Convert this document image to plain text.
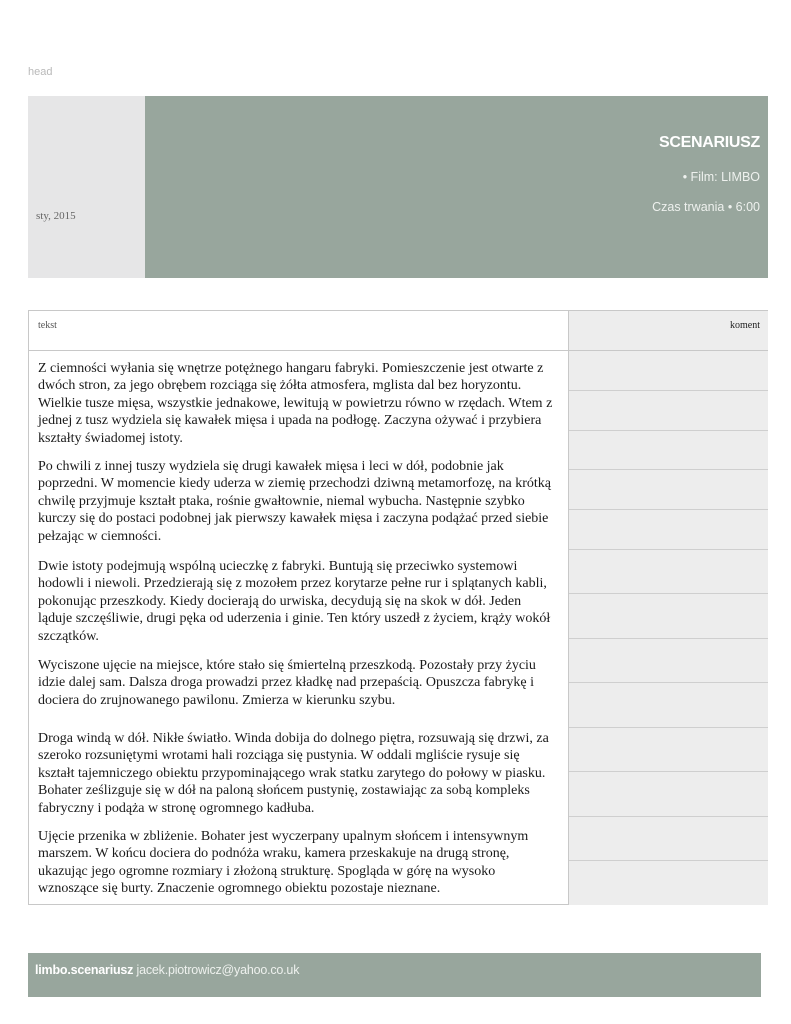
head
sty, 2015
SCENARIUSZ
• Film: LIMBO
Czas trwania • 6:00
tekst	koment

Z ciemności wyłania się wnętrze potężnego hangaru fabryki. Pomieszczenie jest otwarte z dwóch stron, za jego obrębem rozciąga się żółta atmosfera, mglista dal bez horyzontu. Wielkie tusze mięsa, wszystkie jednakowe, lewitują w powietrzu równo w rzędach. Wtem z jednej z tusz wydziela się kawałek mięsa i upada na podłogę. Zaczyna ożywać i przybiera kształty świadomej istoty.

Po chwili z innej tuszy wydziela się drugi kawałek mięsa i leci w dół, podobnie jak poprzedni. W momencie kiedy uderza w ziemię przechodzi dziwną metamorfozę, na krótką chwilę przyjmuje kształt ptaka, rośnie gwałtownie, niemal wybucha. Następnie szybko kurczy się do postaci podobnej jak pierwszy kawałek mięsa i zaczyna podążać przed siebie pełzając w ciemności.

Dwie istoty podejmują wspólną ucieczkę z fabryki. Buntują się przeciwko systemowi hodowli i niewoli. Przedzierają się z mozołem przez korytarze pełne rur i splątanych kabli, pokonując przeszkody. Kiedy docierają do urwiska, decydują się na skok w dół. Jeden ląduje szczęśliwie, drugi pęka od uderzenia i ginie. Ten który uszedł z życiem, krąży wokół szczątków.

Wyciszone ujęcie na miejsce, które stało się śmiertelną przeszkodą. Pozostały przy życiu idzie dalej sam. Dalsza droga prowadzi przez kładkę nad przepaścią. Opuszcza fabrykę i dociera do zrujnowanego pawilonu. Zmierza w kierunku szybu.

Droga windą w dół. Nikłe światło. Winda dobija do dolnego piętra, rozsuwają się drzwi, za szeroko rozsuniętymi wrotami hali rozciąga się pustynia. W oddali mgliście rysuje się kształt tajemniczego obiektu przypominającego wrak statku zarytego do połowy w piasku. Bohater ześlizguje się w dół na paloną słońcem pustynię, zostawiając za sobą kompleks fabryczny i podąża w stronę ogromnego kadłuba.

Ujęcie przenika w zbliżenie. Bohater jest wyczerpany upalnym słońcem i intensywnym marszem. W końcu dociera do podnóża wraku, kamera przeskakuje na drugą stronę, ukazując jego ogromne rozmiary i złożoną strukturę. Spogląda w górę na wysoko wznoszące się burty. Znaczenie ogromnego obiektu pozostaje nieznane.

limbo.scenariusz jacek.piotrowicz@yahoo.co.uk
